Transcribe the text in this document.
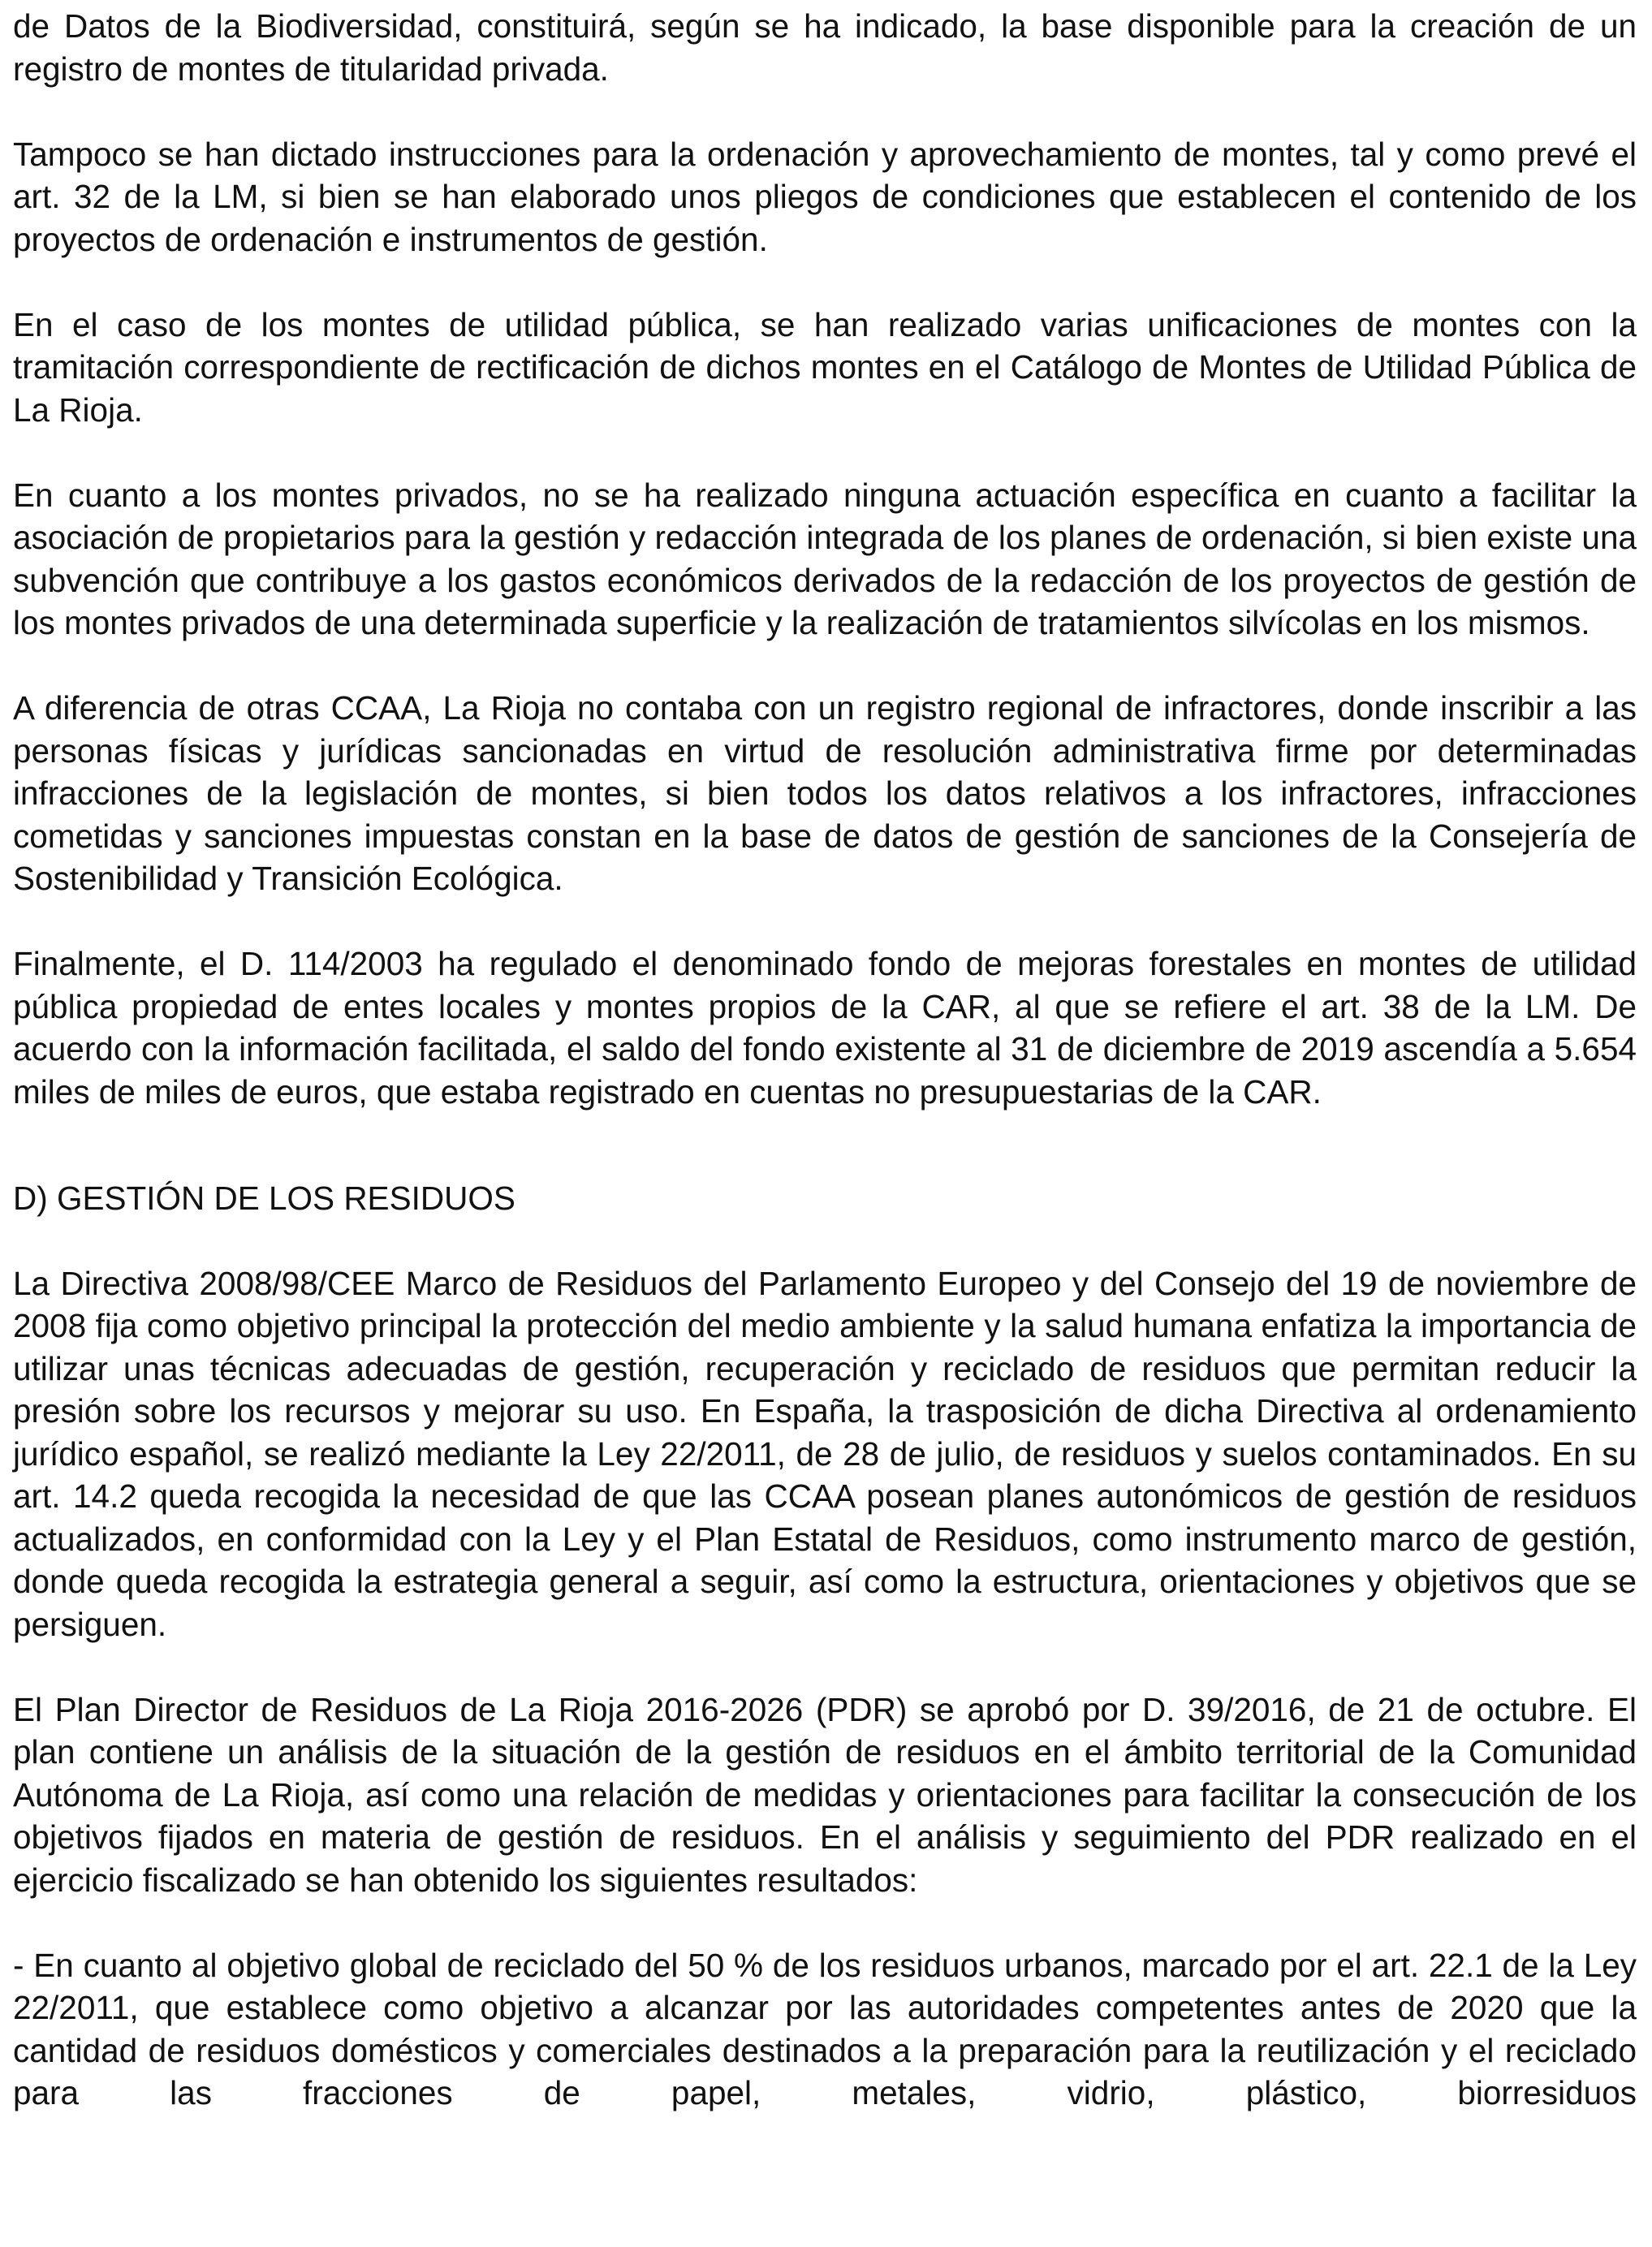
de Datos de la Biodiversidad, constituirá, según se ha indicado, la base disponible para la creación de un registro de montes de titularidad privada.

Tampoco se han dictado instrucciones para la ordenación y aprovechamiento de montes, tal y como prevé el art. 32 de la LM, si bien se han elaborado unos pliegos de condiciones que establecen el contenido de los proyectos de ordenación e instrumentos de gestión.

En el caso de los montes de utilidad pública, se han realizado varias unificaciones de montes con la tramitación correspondiente de rectificación de dichos montes en el Catálogo de Montes de Utilidad Pública de La Rioja.

En cuanto a los montes privados, no se ha realizado ninguna actuación específica en cuanto a facilitar la asociación de propietarios para la gestión y redacción integrada de los planes de ordenación, si bien existe una subvención que contribuye a los gastos económicos derivados de la redacción de los proyectos de gestión de los montes privados de una determinada superficie y la realización de tratamientos silvícolas en los mismos.

A diferencia de otras CCAA, La Rioja no contaba con un registro regional de infractores, donde inscribir a las personas físicas y jurídicas sancionadas en virtud de resolución administrativa firme por determinadas infracciones de la legislación de montes, si bien todos los datos relativos a los infractores, infracciones cometidas y sanciones impuestas constan en la base de datos de gestión de sanciones de la Consejería de Sostenibilidad y Transición Ecológica.

Finalmente, el D. 114/2003 ha regulado el denominado fondo de mejoras forestales en montes de utilidad pública propiedad de entes locales y montes propios de la CAR, al que se refiere el art. 38 de la LM. De acuerdo con la información facilitada, el saldo del fondo existente al 31 de diciembre de 2019 ascendía a 5.654 miles de miles de euros, que estaba registrado en cuentas no presupuestarias de la CAR.

D) GESTIÓN DE LOS RESIDUOS

La Directiva 2008/98/CEE Marco de Residuos del Parlamento Europeo y del Consejo del 19 de noviembre de 2008 fija como objetivo principal la protección del medio ambiente y la salud humana enfatiza la importancia de utilizar unas técnicas adecuadas de gestión, recuperación y reciclado de residuos que permitan reducir la presión sobre los recursos y mejorar su uso. En España, la trasposición de dicha Directiva al ordenamiento jurídico español, se realizó mediante la Ley 22/2011, de 28 de julio, de residuos y suelos contaminados. En su art. 14.2 queda recogida la necesidad de que las CCAA posean planes autonómicos de gestión de residuos actualizados, en conformidad con la Ley y el Plan Estatal de Residuos, como instrumento marco de gestión, donde queda recogida la estrategia general a seguir, así como la estructura, orientaciones y objetivos que se persiguen.

El Plan Director de Residuos de La Rioja 2016-2026 (PDR) se aprobó por D. 39/2016, de 21 de octubre. El plan contiene un análisis de la situación de la gestión de residuos en el ámbito territorial de la Comunidad Autónoma de La Rioja, así como una relación de medidas y orientaciones para facilitar la consecución de los objetivos fijados en materia de gestión de residuos. En el análisis y seguimiento del PDR realizado en el ejercicio fiscalizado se han obtenido los siguientes resultados:

- En cuanto al objetivo global de reciclado del 50 % de los residuos urbanos, marcado por el art. 22.1 de la Ley 22/2011, que establece como objetivo a alcanzar por las autoridades competentes antes de 2020 que la cantidad de residuos domésticos y comerciales destinados a la preparación para la reutilización y el reciclado para las fracciones de papel, metales, vidrio, plástico, biorresiduos
